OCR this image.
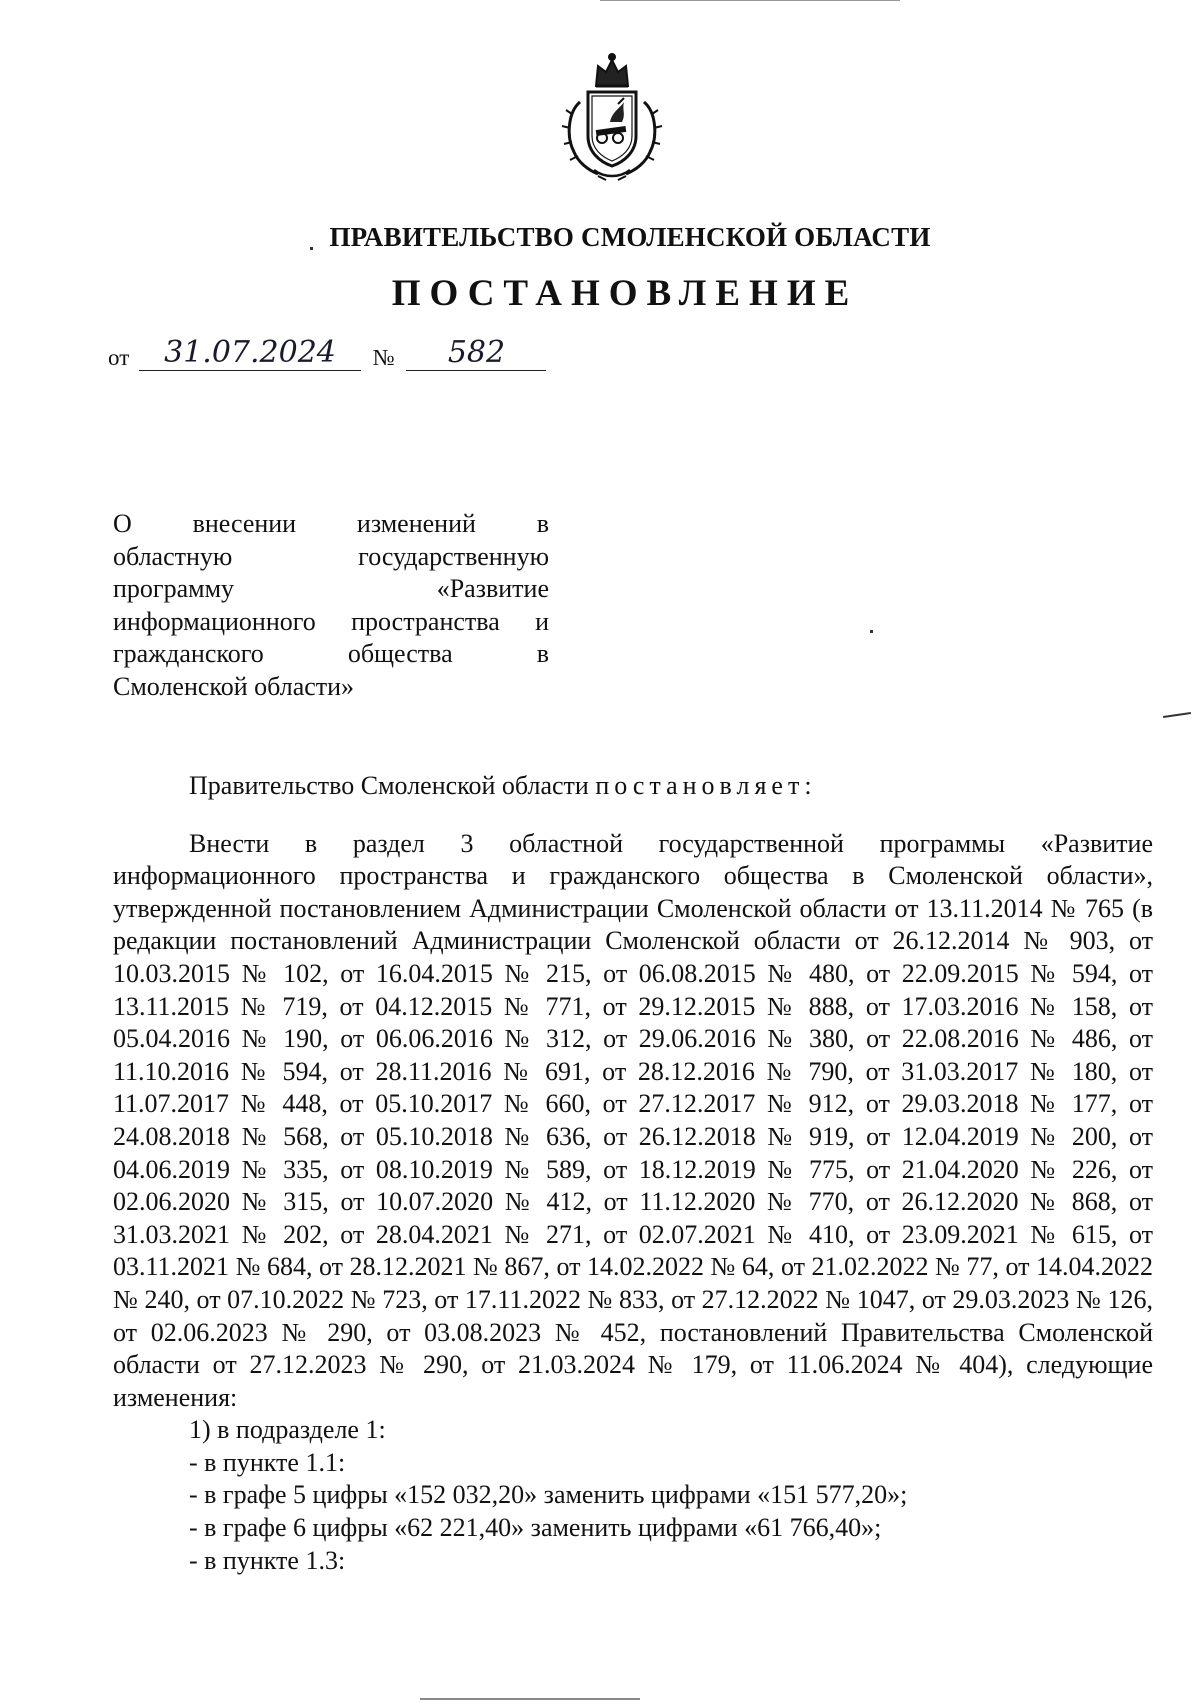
ПРАВИТЕЛЬСТВО СМОЛЕНСКОЙ ОБЛАСТИ
ПОСТАНОВЛЕНИЕ
от 31.07.2024 № 582
О внесении изменений в
областную государственную
программу «Развитие
информационного пространства и
гражданского общества в
Смоленской области»

Правительство Смоленской области постановляет:

Внести в раздел 3 областной государственной программы «Развитие информационного пространства и гражданского общества в Смоленской области», утвержденной постановлением Администрации Смоленской области от 13.11.2014 № 765 (в редакции постановлений Администрации Смоленской области от 26.12.2014 № 903, от 10.03.2015 № 102, от 16.04.2015 № 215, от 06.08.2015 № 480, от 22.09.2015 № 594, от 13.11.2015 № 719, от 04.12.2015 № 771, от 29.12.2015 № 888, от 17.03.2016 № 158, от 05.04.2016 № 190, от 06.06.2016 № 312, от 29.06.2016 № 380, от 22.08.2016 № 486, от 11.10.2016 № 594, от 28.11.2016 № 691, от 28.12.2016 № 790, от 31.03.2017 № 180, от 11.07.2017 № 448, от 05.10.2017 № 660, от 27.12.2017 № 912, от 29.03.2018 № 177, от 24.08.2018 № 568, от 05.10.2018 № 636, от 26.12.2018 № 919, от 12.04.2019 № 200, от 04.06.2019 № 335, от 08.10.2019 № 589, от 18.12.2019 № 775, от 21.04.2020 № 226, от 02.06.2020 № 315, от 10.07.2020 № 412, от 11.12.2020 № 770, от 26.12.2020 № 868, от 31.03.2021 № 202, от 28.04.2021 № 271, от 02.07.2021 № 410, от 23.09.2021 № 615, от 03.11.2021 № 684, от 28.12.2021 № 867, от 14.02.2022 № 64, от 21.02.2022 № 77, от 14.04.2022 № 240, от 07.10.2022 № 723, от 17.11.2022 № 833, от 27.12.2022 № 1047, от 29.03.2023 № 126, от 02.06.2023 № 290, от 03.08.2023 № 452, постановлений Правительства Смоленской области от 27.12.2023 № 290, от 21.03.2024 № 179, от 11.06.2024 № 404), следующие изменения:

1) в подразделе 1:

- в пункте 1.1:

- в графе 5 цифры «152 032,20» заменить цифрами «151 577,20»;

- в графе 6 цифры «62 221,40» заменить цифрами «61 766,40»;

- в пункте 1.3:
